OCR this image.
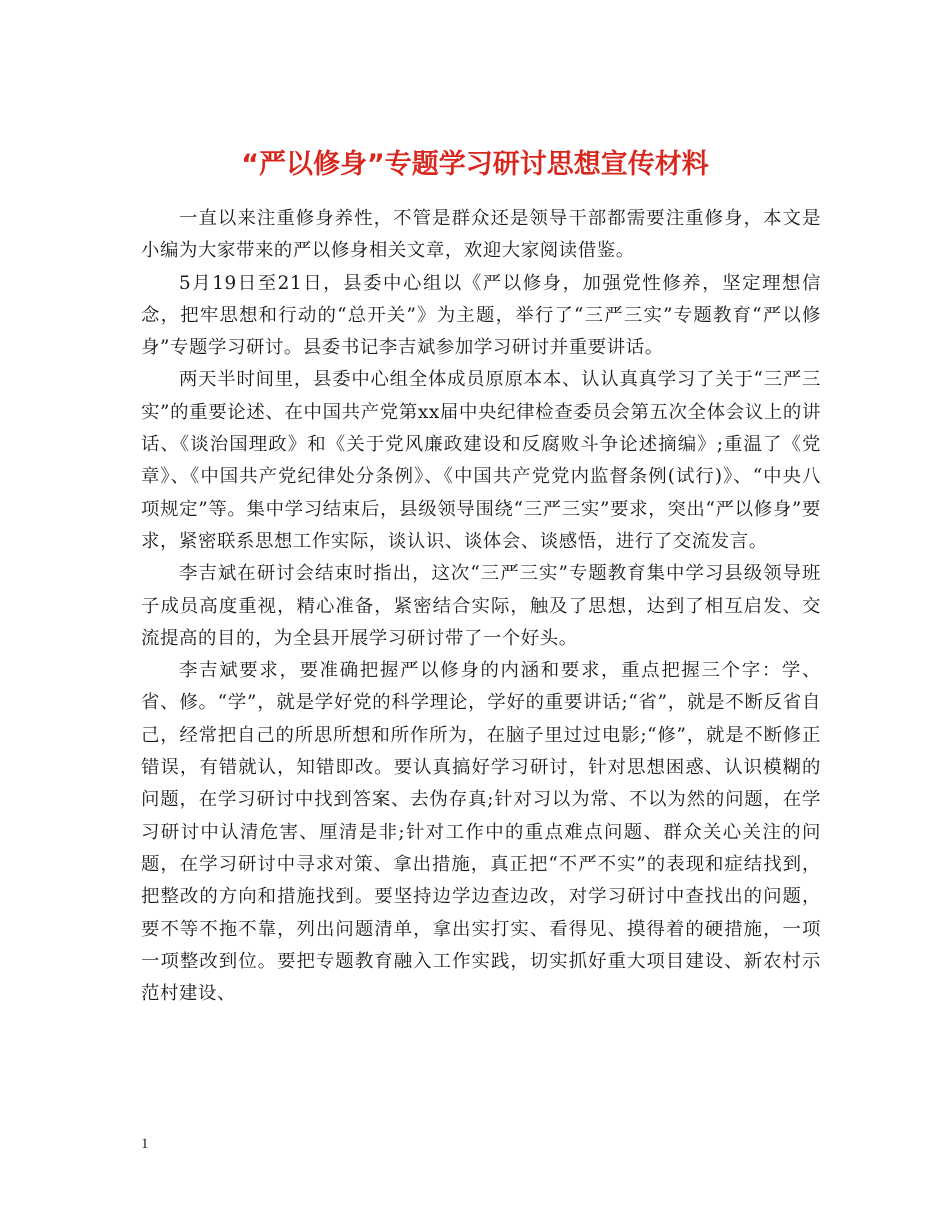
“严以修身”专题学习研讨思想宣传材料

一直以来注重修身养性，不管是群众还是领导干部都需要注重修身，本文是小编为大家带来的严以修身相关文章，欢迎大家阅读借鉴。

5月19日至21日，县委中心组以《严以修身，加强党性修养，坚定理想信念，把牢思想和行动的“总开关”》为主题，举行了“三严三实”专题教育“严以修身”专题学习研讨。县委书记李吉斌参加学习研讨并重要讲话。

两天半时间里，县委中心组全体成员原原本本、认认真真学习了关于“三严三实”的重要论述、在中国共产党第xx届中央纪律检查委员会第五次全体会议上的讲话、《谈治国理政》和《关于党风廉政建设和反腐败斗争论述摘编》;重温了《党章》、《中国共产党纪律处分条例》、《中国共产党党内监督条例(试行)》、“中央八项规定”等。集中学习结束后，县级领导围绕“三严三实”要求，突出“严以修身”要求，紧密联系思想工作实际，谈认识、谈体会、谈感悟，进行了交流发言。

李吉斌在研讨会结束时指出，这次“三严三实”专题教育集中学习县级领导班子成员高度重视，精心准备，紧密结合实际，触及了思想，达到了相互启发、交流提高的目的，为全县开展学习研讨带了一个好头。

李吉斌要求，要准确把握严以修身的内涵和要求，重点把握三个字：学、省、修。“学”，就是学好党的科学理论，学好的重要讲话;“省”，就是不断反省自己，经常把自己的所思所想和所作所为，在脑子里过过电影;“修”，就是不断修正错误，有错就认，知错即改。要认真搞好学习研讨，针对思想困惑、认识模糊的问题，在学习研讨中找到答案、去伪存真;针对习以为常、不以为然的问题，在学习研讨中认清危害、厘清是非;针对工作中的重点难点问题、群众关心关注的问题，在学习研讨中寻求对策、拿出措施，真正把“不严不实”的表现和症结找到，把整改的方向和措施找到。要坚持边学边查边改，对学习研讨中查找出的问题，要不等不拖不靠，列出问题清单，拿出实打实、看得见、摸得着的硬措施，一项一项整改到位。要把专题教育融入工作实践，切实抓好重大项目建设、新农村示范村建设、

1
